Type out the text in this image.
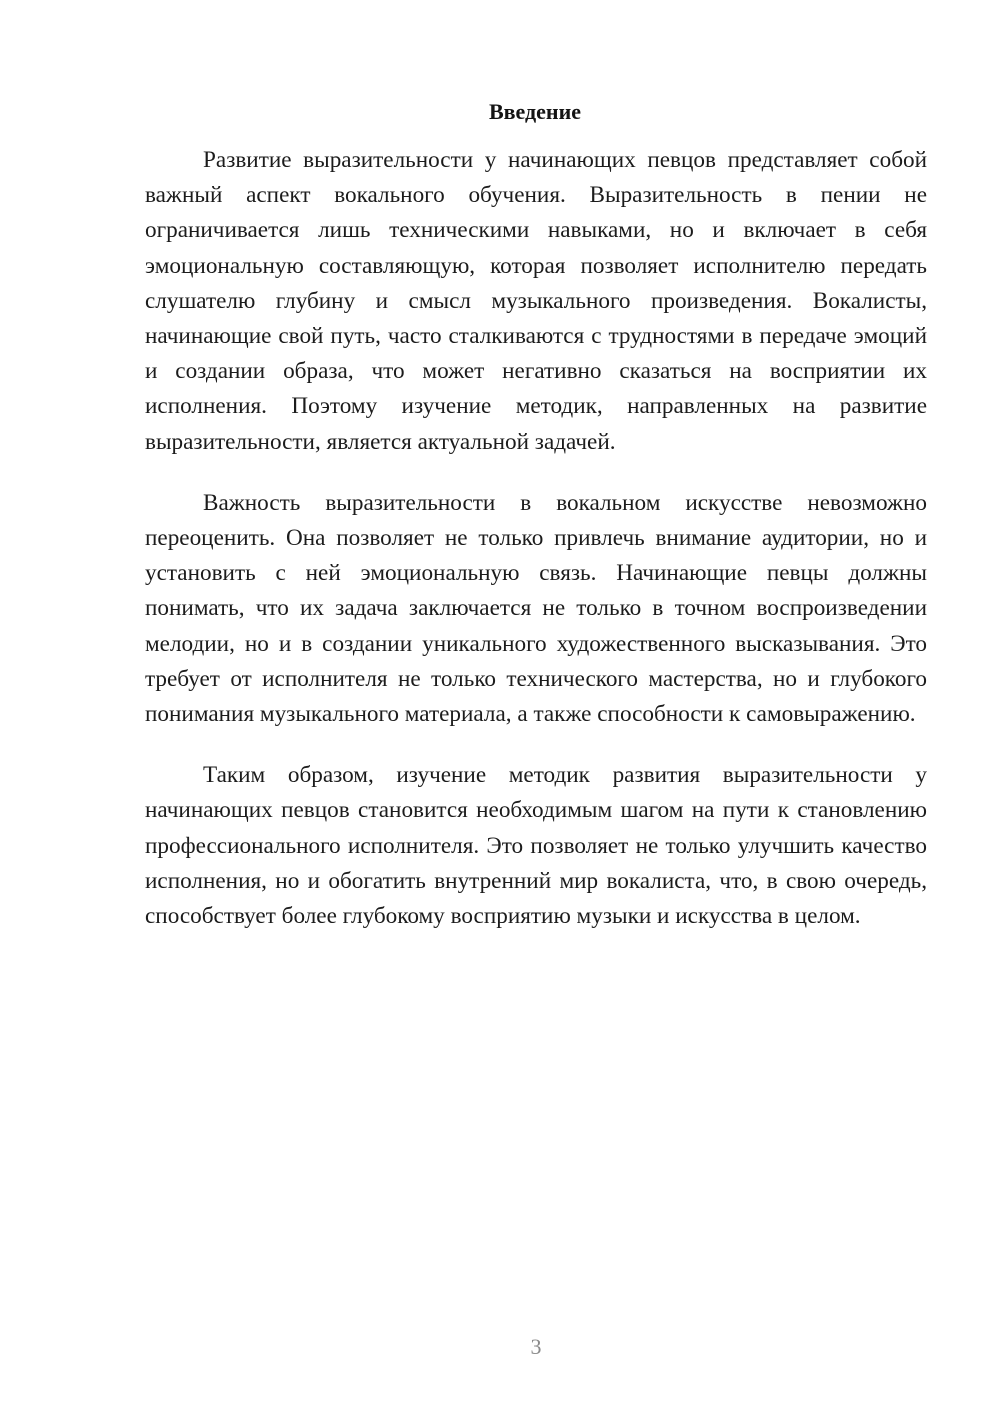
Введение

Развитие выразительности у начинающих певцов представляет собой важный аспект вокального обучения. Выразительность в пении не ограничивается лишь техническими навыками, но и включает в себя эмоциональную составляющую, которая позволяет исполнителю передать слушателю глубину и смысл музыкального произведения. Вокалисты, начинающие свой путь, часто сталкиваются с трудностями в передаче эмоций и создании образа, что может негативно сказаться на восприятии их исполнения. Поэтому изучение методик, направленных на развитие выразительности, является актуальной задачей.

Важность выразительности в вокальном искусстве невозможно переоценить. Она позволяет не только привлечь внимание аудитории, но и установить с ней эмоциональную связь. Начинающие певцы должны понимать, что их задача заключается не только в точном воспроизведении мелодии, но и в создании уникального художественного высказывания. Это требует от исполнителя не только технического мастерства, но и глубокого понимания музыкального материала, а также способности к самовыражению.

Таким образом, изучение методик развития выразительности у начинающих певцов становится необходимым шагом на пути к становлению профессионального исполнителя. Это позволяет не только улучшить качество исполнения, но и обогатить внутренний мир вокалиста, что, в свою очередь, способствует более глубокому восприятию музыки и искусства в целом.

3
